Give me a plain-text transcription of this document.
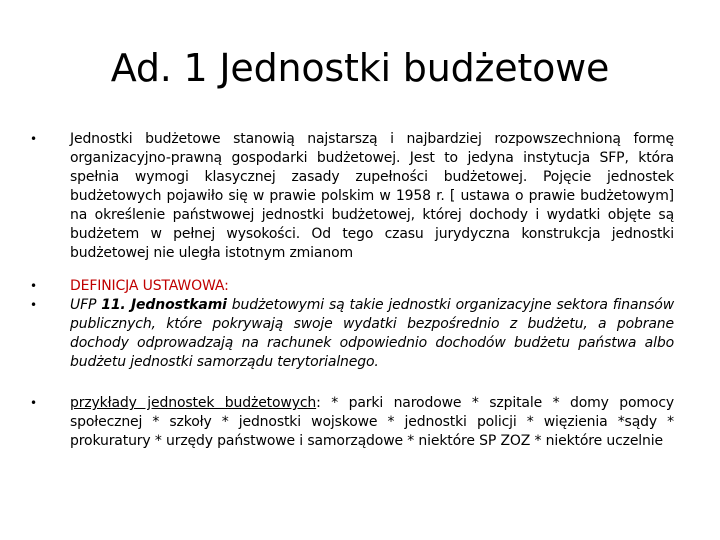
Ad. 1 Jednostki budżetowe
•	Jednostki budżetowe stanowią najstarszą i najbardziej rozpowszechnioną formę organizacyjno-prawną gospodarki budżetowej. Jest to jedyna instytucja SFP, która spełnia wymogi klasycznej zasady zupełności budżetowej. Pojęcie jednostek budżetowych pojawiło się w prawie polskim w 1958 r. [ ustawa o prawie budżetowym] na określenie państwowej jednostki budżetowej, której dochody i wydatki objęte są budżetem w pełnej wysokości. Od tego czasu jurydyczna konstrukcja jednostki budżetowej nie uległa istotnym zmianom
•	DEFINICJA USTAWOWA:
•	UFP 11. Jednostkami budżetowymi są takie jednostki organizacyjne sektora finansów publicznych, które pokrywają swoje wydatki bezpośrednio z budżetu, a pobrane dochody odprowadzają na rachunek odpowiednio dochodów budżetu państwa albo budżetu jednostki samorządu terytorialnego.
•	przykłady jednostek budżetowych: * parki narodowe * szpitale * domy pomocy społecznej * szkoły * jednostki wojskowe * jednostki policji * więzienia *sądy * prokuratury * urzędy państwowe i samorządowe * niektóre SP ZOZ * niektóre uczelnie
